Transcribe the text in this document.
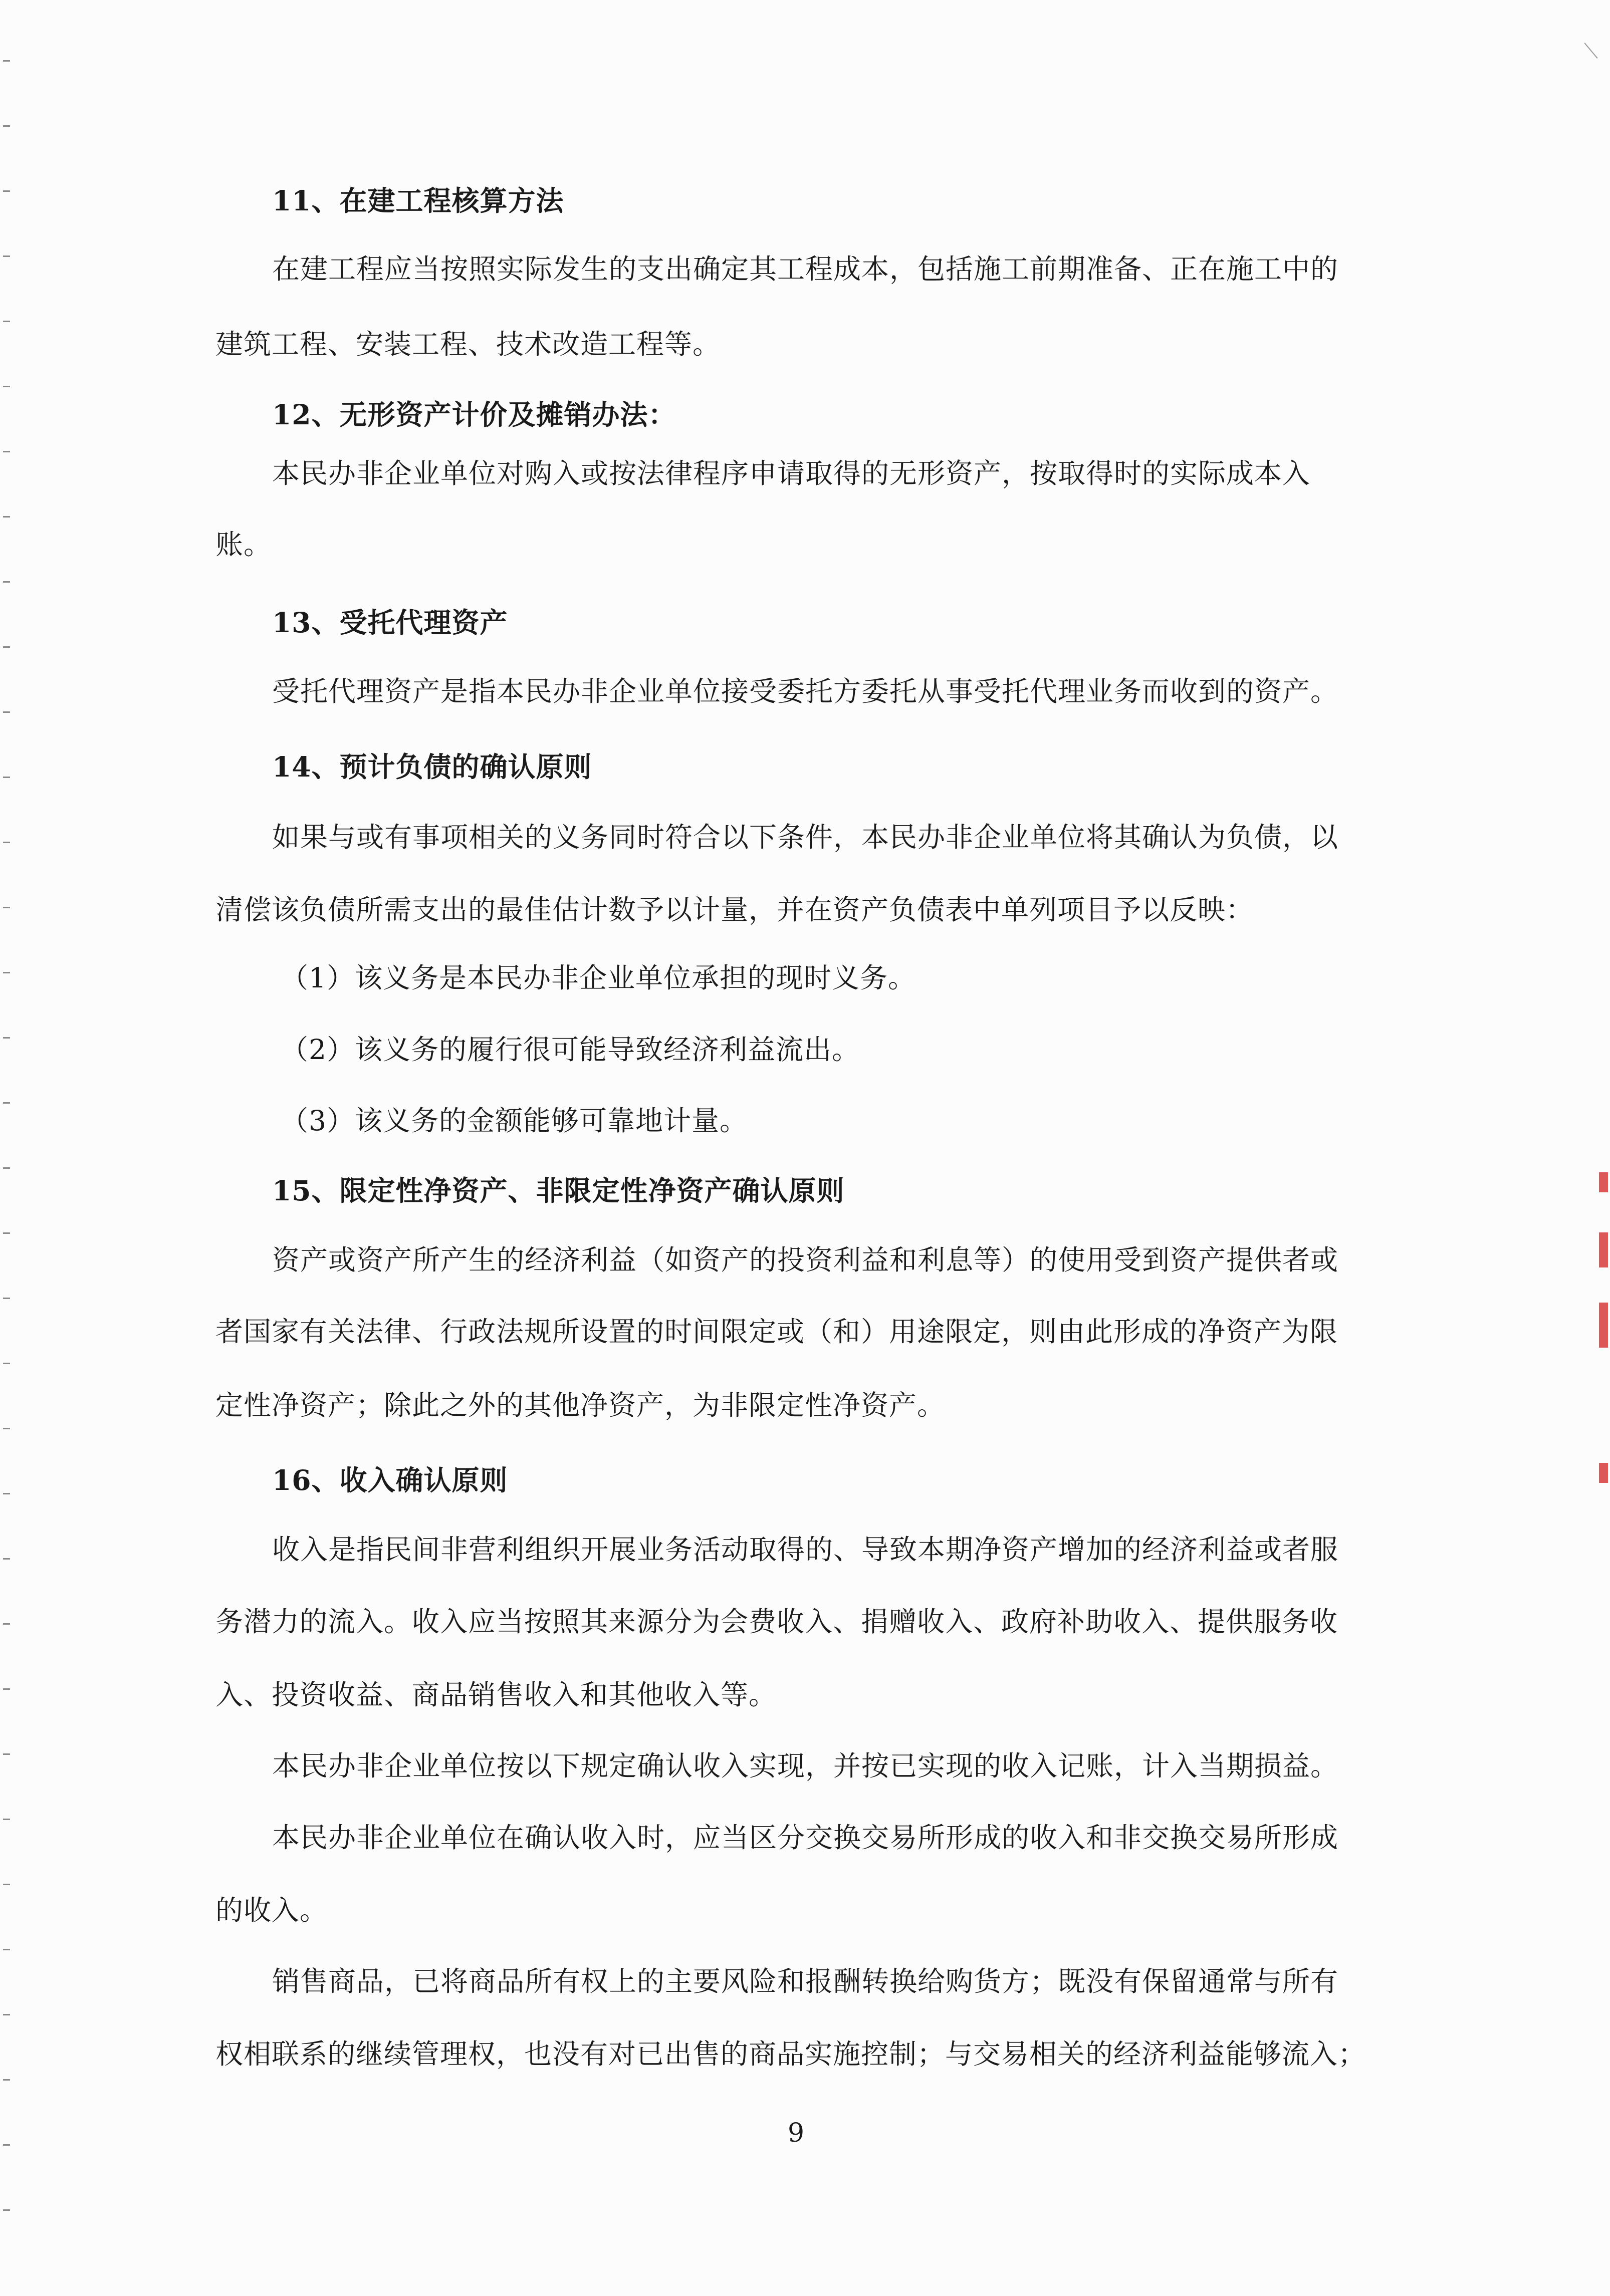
11、在建工程核算方法
在建工程应当按照实际发生的支出确定其工程成本，包括施工前期准备、正在施工中的
建筑工程、安装工程、技术改造工程等。
12、无形资产计价及摊销办法：
本民办非企业单位对购入或按法律程序申请取得的无形资产，按取得时的实际成本入
账。
13、受托代理资产
受托代理资产是指本民办非企业单位接受委托方委托从事受托代理业务而收到的资产。
14、预计负债的确认原则
如果与或有事项相关的义务同时符合以下条件，本民办非企业单位将其确认为负债，以
清偿该负债所需支出的最佳估计数予以计量，并在资产负债表中单列项目予以反映：
（1）该义务是本民办非企业单位承担的现时义务。
（2）该义务的履行很可能导致经济利益流出。
（3）该义务的金额能够可靠地计量。
15、限定性净资产、非限定性净资产确认原则
资产或资产所产生的经济利益（如资产的投资利益和利息等）的使用受到资产提供者或
者国家有关法律、行政法规所设置的时间限定或（和）用途限定，则由此形成的净资产为限
定性净资产；除此之外的其他净资产，为非限定性净资产。
16、收入确认原则
收入是指民间非营利组织开展业务活动取得的、导致本期净资产增加的经济利益或者服
务潜力的流入。收入应当按照其来源分为会费收入、捐赠收入、政府补助收入、提供服务收
入、投资收益、商品销售收入和其他收入等。
本民办非企业单位按以下规定确认收入实现，并按已实现的收入记账，计入当期损益。
本民办非企业单位在确认收入时，应当区分交换交易所形成的收入和非交换交易所形成
的收入。
销售商品，已将商品所有权上的主要风险和报酬转换给购货方；既没有保留通常与所有
权相联系的继续管理权，也没有对已出售的商品实施控制；与交易相关的经济利益能够流入；
9
